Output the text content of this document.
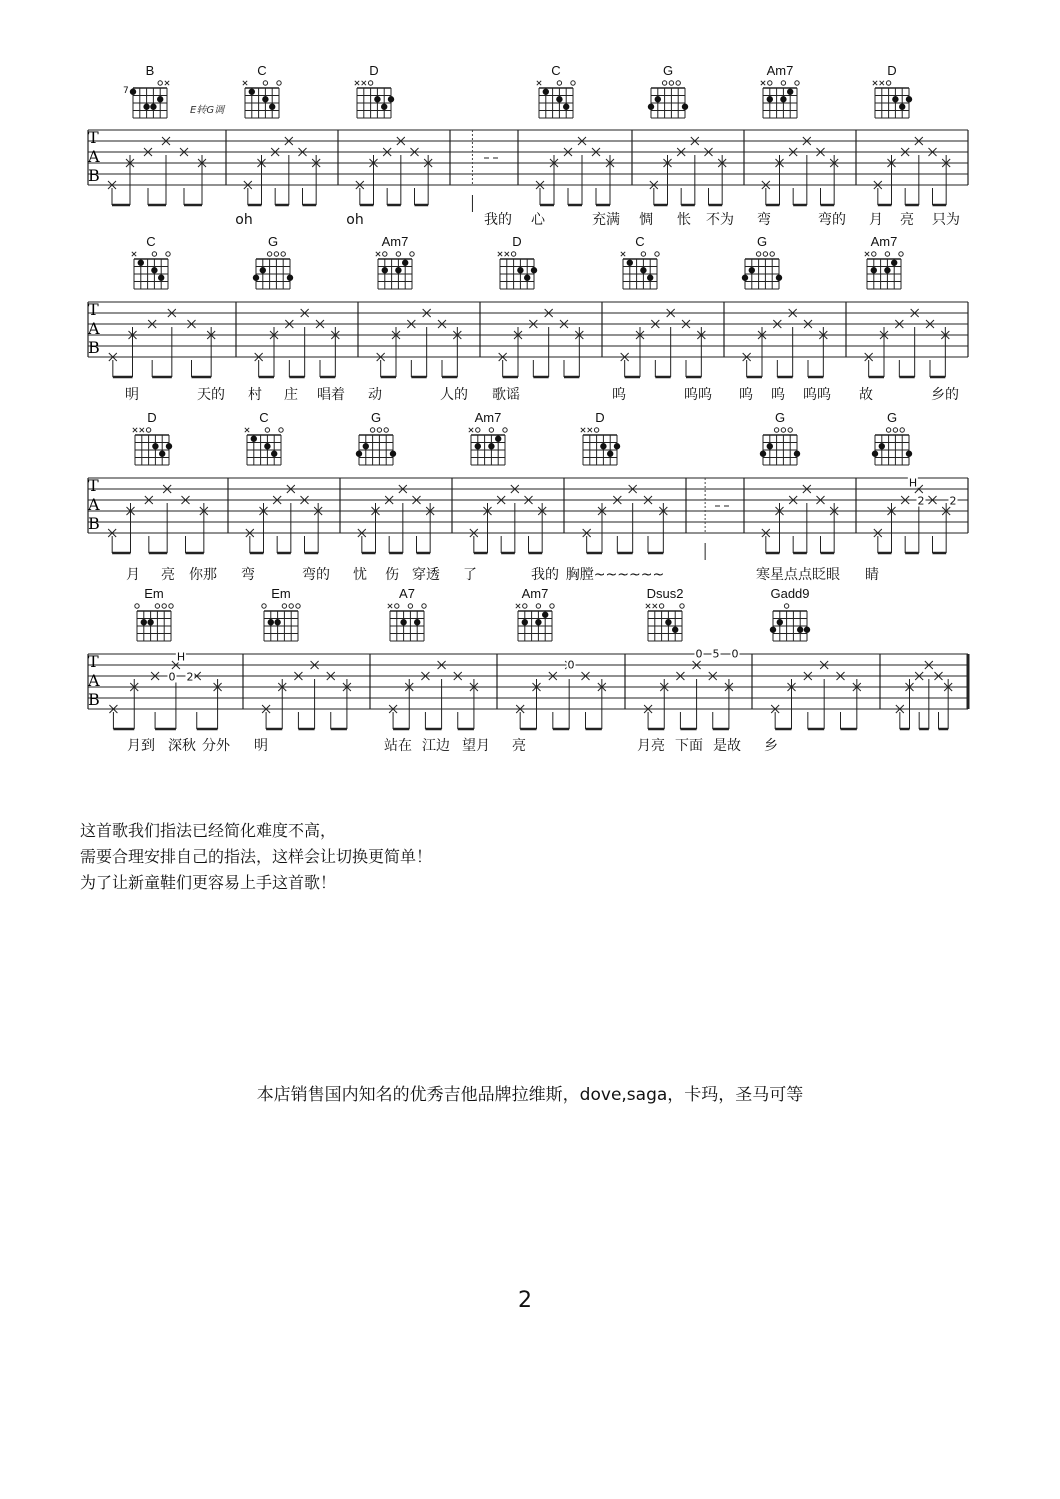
T
A
B
T
A
B
T
A
B
T
A
B
B
7
C	D	C	G	Am7	D
oh	oh	我的 心	充满 惆 怅 不为 弯	弯的 月 亮 只为
C	G	Am7	D	C	G	Am7
明	天的 村 庄 唱着 动	人的 歌谣	呜	呜呜 呜 呜 呜呜 故	乡的
D	C	G	Am7	D	G	G
月 亮 你那 弯	弯的 忧 伤 穿透 了	我的 胸膛~~~~~~	寒星点点眨眼 睛
H
2 2
Em	Em	A7	Am7	Dsus2	Gadd9
月到 深秋 分外 明	站在 江边 望月 亮	月亮 下面 是故 乡
H
0 2
0
0 5 0
E转G调
这首歌我们指法已经简化难度不高，
需要合理安排自己的指法，这样会让切换更简单！
为了让新童鞋们更容易上手这首歌！
本店销售国内知名的优秀吉他品牌拉维斯，dove,saga，卡玛，圣马可等
2
